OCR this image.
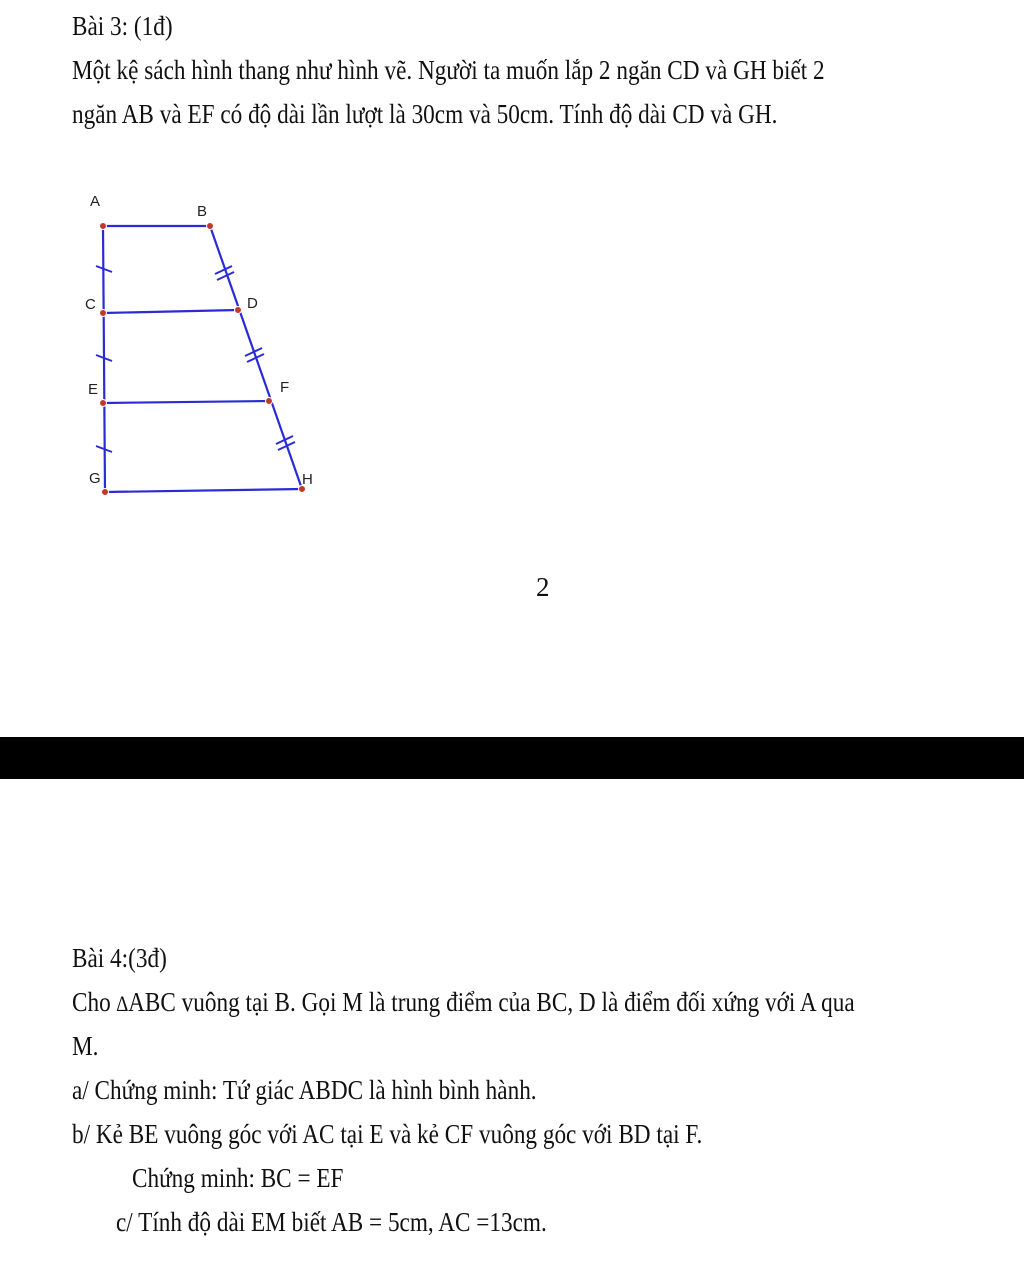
Bài 3: (1đ)
Một kệ sách hình thang như hình vẽ. Người ta muốn lắp 2 ngăn CD và GH biết 2
ngăn AB và EF có độ dài lần lượt là 30cm và 50cm. Tính độ dài CD và GH.
A
B
C	D
E	F
G	H
2
Bài 4:(3đ)
Cho ∆ABC vuông tại B. Gọi M là trung điểm của BC, D là điểm đối xứng với A qua
M.
a/ Chứng minh: Tứ giác ABDC là hình bình hành.
b/ Kẻ BE vuông góc với AC tại E và kẻ CF vuông góc với BD tại F.
Chứng minh: BC = EF
c/ Tính độ dài EM biết AB = 5cm, AC =13cm.
